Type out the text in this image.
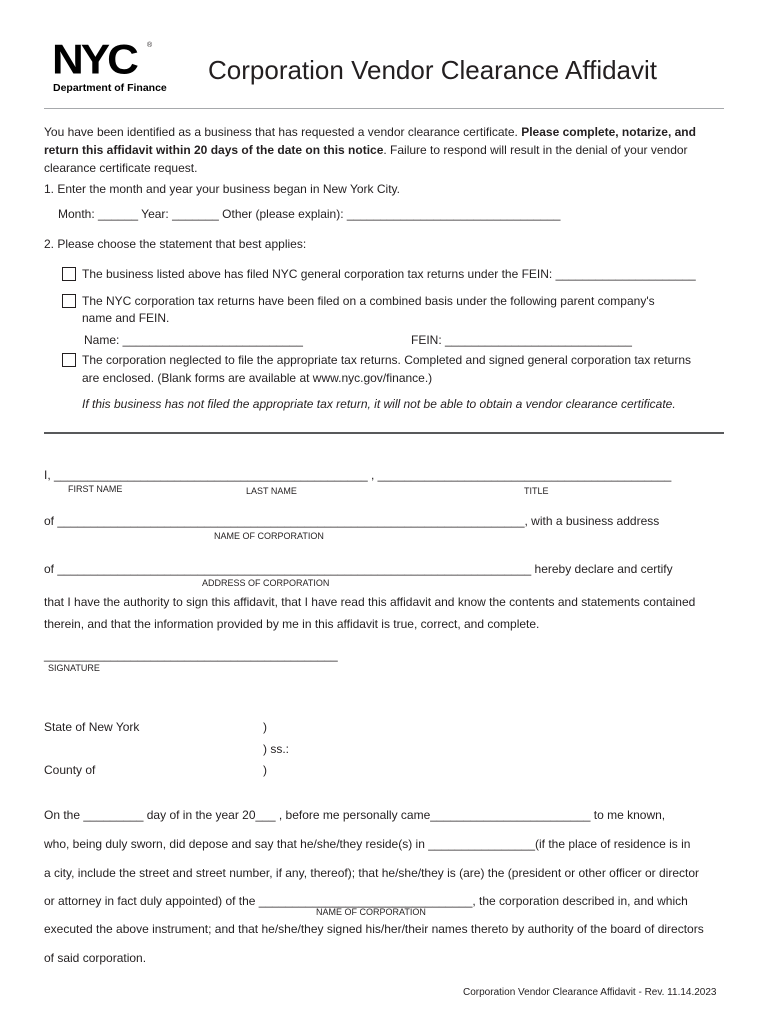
NYC ®
Department of Finance
Corporation Vendor Clearance Affidavit
You have been identified as a business that has requested a vendor clearance certificate. Please complete, notarize, and return this affidavit within 20 days of the date on this notice. Failure to respond will result in the denial of your vendor clearance certificate request.
1. Enter the month and year your business began in New York City.
Month: ______ Year: _______ Other (please explain): ________________________________
2. Please choose the statement that best applies:
The business listed above has filed NYC general corporation tax returns under the FEIN: _____________________
The NYC corporation tax returns have been filed on a combined basis under the following parent company's
name and FEIN.
Name: ___________________________	FEIN: ____________________________
The corporation neglected to file the appropriate tax returns. Completed and signed general corporation tax returns
are enclosed. (Blank forms are available at www.nyc.gov/finance.)
If this business has not filed the appropriate tax return, it will not be able to obtain a vendor clearance certificate.
I, _______________________________________________ , ____________________________________________
FIRST NAME	LAST NAME	TITLE
of ______________________________________________________________________, with a business address
NAME OF CORPORATION
of _______________________________________________________________________ hereby declare and certify
ADDRESS OF CORPORATION
that I have the authority to sign this affidavit, that I have read this affidavit and know the contents and statements contained
therein, and that the information provided by me in this affidavit is true, correct, and complete.
____________________________________________
SIGNATURE
State of New York	)
) ss.:
County of	)
On the _________ day of in the year 20___ , before me personally came________________________ to me known,
who, being duly sworn, did depose and say that he/she/they reside(s) in ________________(if the place of residence is in
a city, include the street and street number, if any, thereof); that he/she/they is (are) the (president or other officer or director
or attorney in fact duly appointed) of the ________________________________, the corporation described in, and which
NAME OF CORPORATION
executed the above instrument; and that he/she/they signed his/her/their names thereto by authority of the board of directors
of said corporation.
Corporation Vendor Clearance Affidavit - Rev. 11.14.2023
